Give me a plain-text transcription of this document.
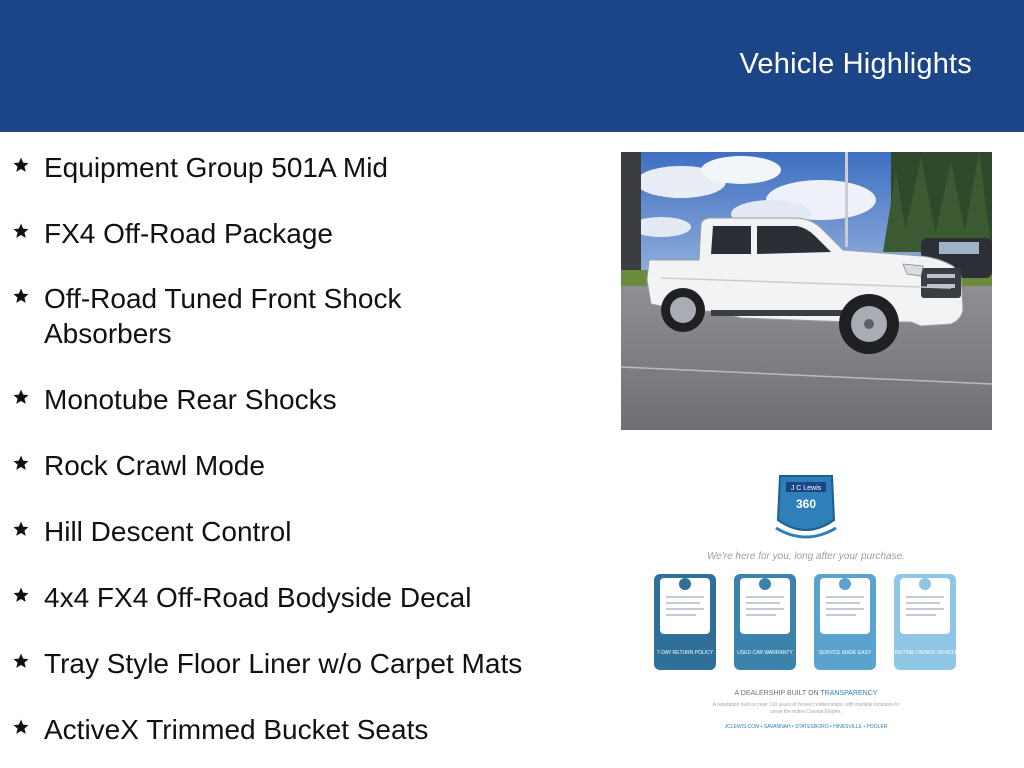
Vehicle Highlights
Equipment Group 501A Mid
FX4 Off-Road Package
Off-Road Tuned Front Shock Absorbers
Monotube Rear Shocks
Rock Crawl Mode
Hill Descent Control
4x4 FX4 Off-Road Bodyside Decal
Tray Style Floor Liner w/o Carpet Mats
ActiveX Trimmed Bucket Seats
J C Lewis
360
We're here for you, long after your purchase.
7-DAY RETURN POLICY	USED CAR WARRANTY	SERVICE MADE EASY	LIFETIME OWNER VEHICLE
A DEALERSHIP BUILT ON TRANSPARENCY
A reputation built on over 110 years of honest relationships, with multiple locations to
serve the entire Coastal Empire.
JCLEWIS.COM • SAVANNAH • STATESBORO • HINESVILLE • POOLER
